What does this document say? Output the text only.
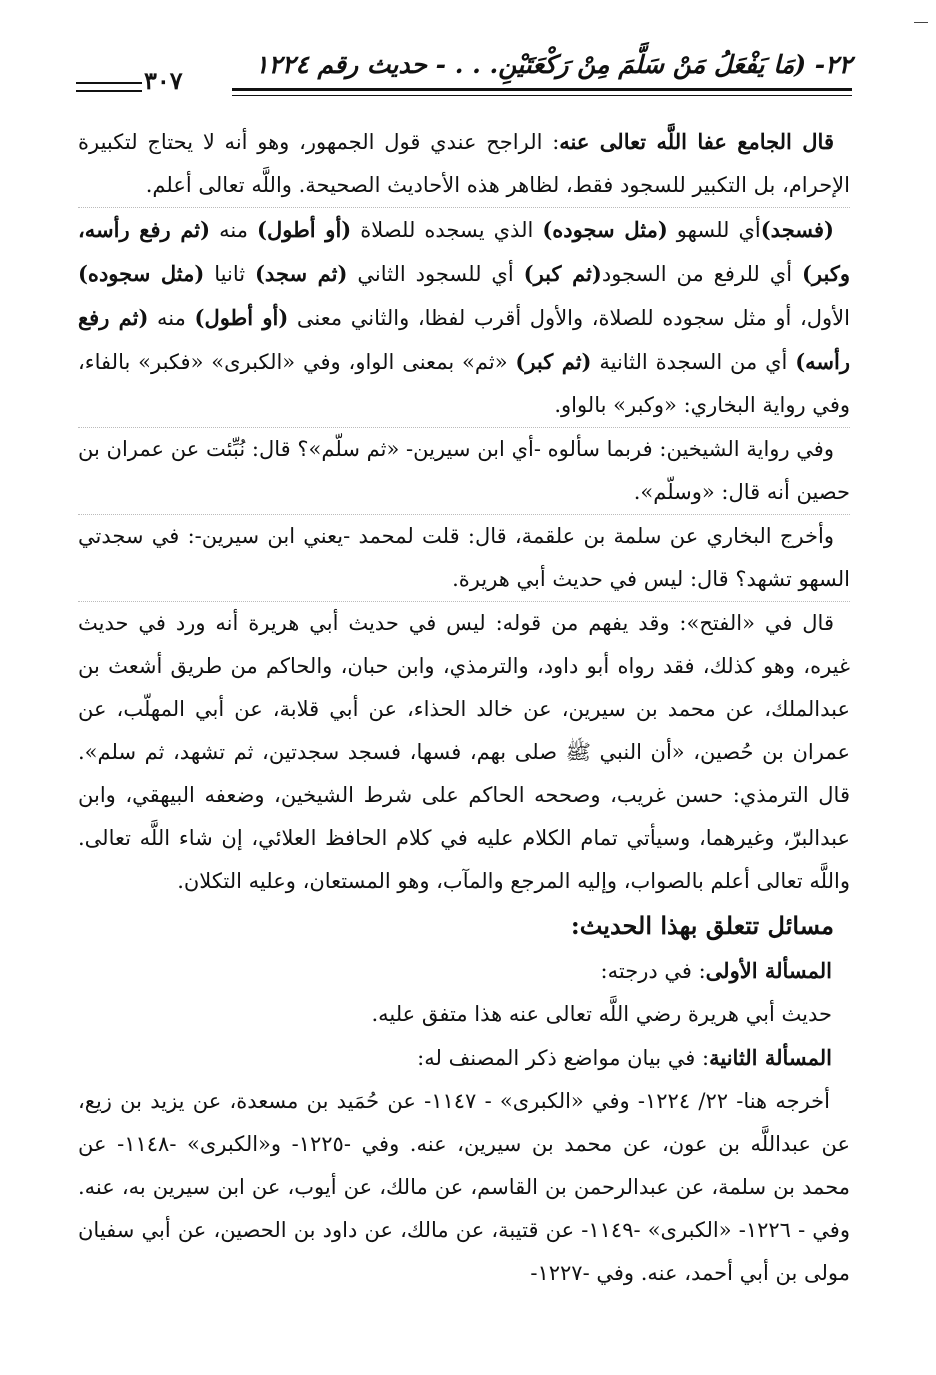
٢٢- (مَا يَفْعَلُ مَنْ سَلَّمَ مِنْ رَكْعَتَيْنِ. . . - حديث رقم ١٢٢٤
٣٠٧

قال الجامع عفا اللَّه تعالى عنه: الراجح عندي قول الجمهور، وهو أنه لا يحتاج لتكبيرة الإحرام، بل التكبير للسجود فقط، لظاهر هذه الأحاديث الصحيحة. واللَّه تعالى أعلم.

(فسجد)أي للسهو (مثل سجوده) الذي يسجده للصلاة (أو أطول) منه (ثم رفع رأسه، وكبر) أي للرفع من السجود(ثم كبر) أي للسجود الثاني (ثم سجد) ثانيا (مثل سجوده) الأول، أو مثل سجوده للصلاة، والأول أقرب لفظا، والثاني معنى (أو أطول) منه (ثم رفع رأسه) أي من السجدة الثانية (ثم كبر) «ثم» بمعنى الواو، وفي «الكبرى» «فكبر» بالفاء، وفي رواية البخاري: «وكبر» بالواو.

وفي رواية الشيخين: فربما سألوه -أي ابن سيرين- «ثم سلّم»؟ قال: نُبِّئت عن عمران بن حصين أنه قال: «وسلّم».

وأخرج البخاري عن سلمة بن علقمة، قال: قلت لمحمد -يعني ابن سيرين-: في سجدتي السهو تشهد؟ قال: ليس في حديث أبي هريرة.

قال في «الفتح»: وقد يفهم من قوله: ليس في حديث أبي هريرة أنه ورد في حديث غيره، وهو كذلك، فقد رواه أبو داود، والترمذي، وابن حبان، والحاكم من طريق أشعث بن عبدالملك، عن محمد بن سيرين، عن خالد الحذاء، عن أبي قلابة، عن أبي المهلّب، عن عمران بن حُصين، «أن النبي ﷺ صلى بهم، فسها، فسجد سجدتين، ثم تشهد، ثم سلم». قال الترمذي: حسن غريب، وصححه الحاكم على شرط الشيخين، وضعفه البيهقي، وابن عبدالبرّ، وغيرهما، وسيأتي تمام الكلام عليه في كلام الحافظ العلائي، إن شاء اللَّه تعالى. واللَّه تعالى أعلم بالصواب، وإليه المرجع والمآب، وهو المستعان، وعليه التكلان.

مسائل تتعلق بهذا الحديث:

المسألة الأولى: في درجته:

حديث أبي هريرة رضي اللَّه تعالى عنه هذا متفق عليه.

المسألة الثانية: في بيان مواضع ذكر المصنف له:

أخرجه هنا- ٢٢/ ١٢٢٤- وفي «الكبرى» - ١١٤٧- عن حُمَيد بن مسعدة، عن يزيد بن زيع، عن عبداللَّه بن عون، عن محمد بن سيرين، عنه. وفي -١٢٢٥- و«الكبرى» -١١٤٨- عن محمد بن سلمة، عن عبدالرحمن بن القاسم، عن مالك، عن أيوب، عن ابن سيرين به، عنه. وفي - ١٢٢٦- «الكبرى» -١١٤٩- عن قتيبة، عن مالك، عن داود بن الحصين، عن أبي سفيان مولى بن أبي أحمد، عنه. وفي -١٢٢٧-
